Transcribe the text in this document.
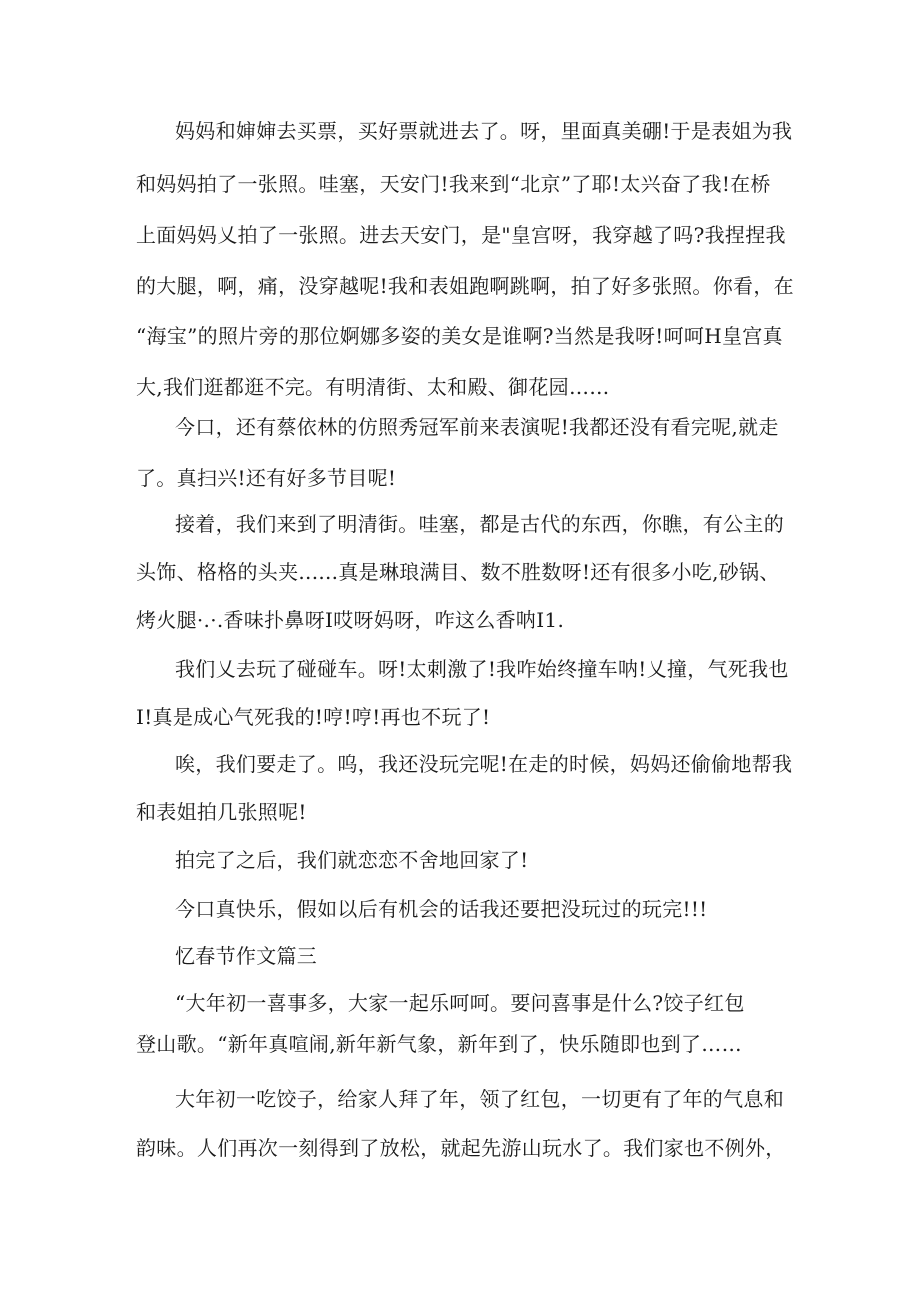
妈妈和婶婶去买票，买好票就进去了。呀，里面真美硼!于是表姐为我
和妈妈拍了一张照。哇塞，天安门!我来到“北京”了耶!太兴奋了我!在桥
上面妈妈乂拍了一张照。进去天安门，是"皇宫呀，我穿越了吗?我捏捏我
的大腿，啊，痛，没穿越呢!我和表姐跑啊跳啊，拍了好多张照。你看，在
“海宝”的照片旁的那位婀娜多姿的美女是谁啊?当然是我呀!呵呵H皇宫真
大,我们逛都逛不完。有明清街、太和殿、御花园……
今口，还有蔡依林的仿照秀冠军前来表演呢!我都还没有看完呢,就走
了。真扫兴!还有好多节目呢!
接着，我们来到了明清街。哇塞，都是古代的东西，你瞧，有公主的
头饰、格格的头夹......真是琳琅满目、数不胜数呀!还有很多小吃,砂锅、
烤火腿·.·.香味扑鼻呀I哎呀妈呀，咋这么香呐I1.
我们乂去玩了碰碰车。呀!太刺激了!我咋始终撞车呐!乂撞，气死我也
I!真是成心气死我的!哼!哼!再也不玩了!
唉，我们要走了。呜，我还没玩完呢!在走的时候，妈妈还偷偷地帮我
和表姐拍几张照呢!
拍完了之后，我们就恋恋不舍地回家了!
今口真快乐，假如以后有机会的话我还要把没玩过的玩完!!!
忆春节作文篇三
“大年初一喜事多，大家一起乐呵呵。要问喜事是什么?饺子红包
登山歌。“新年真喧闹,新年新气象，新年到了，快乐随即也到了……
大年初一吃饺子，给家人拜了年，领了红包，一切更有了年的气息和
韵味。人们再次一刻得到了放松，就起先游山玩水了。我们家也不例外，
